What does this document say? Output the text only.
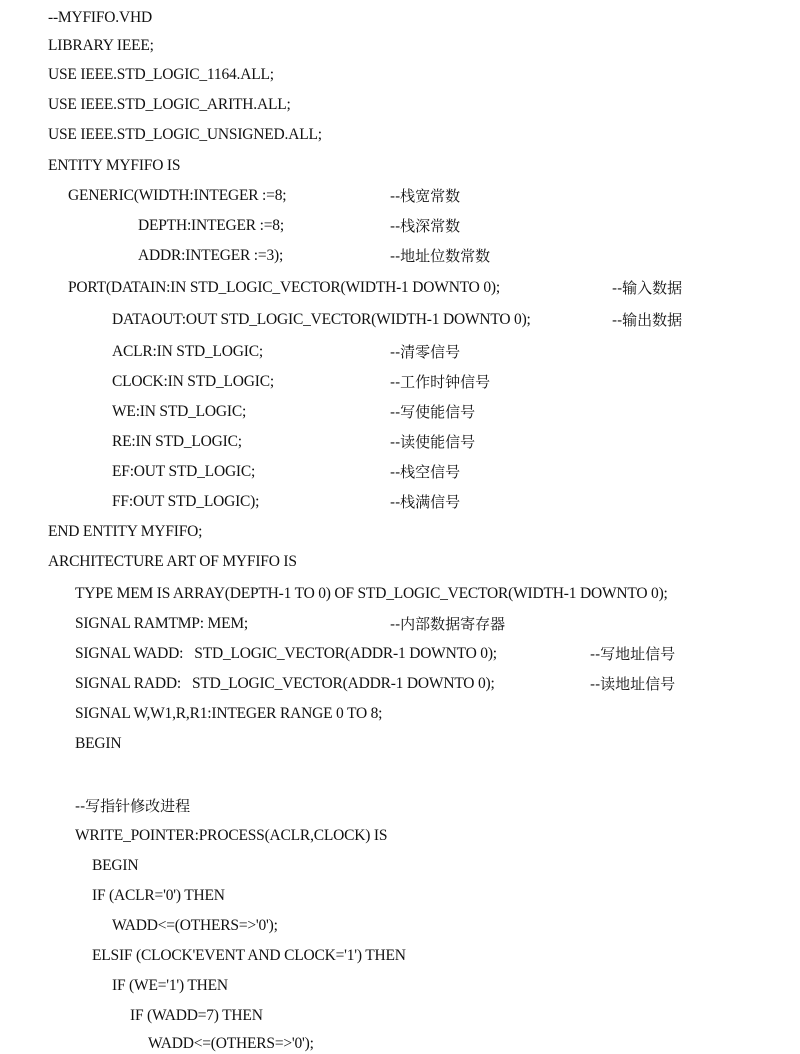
--MYFIFO.VHD
LIBRARY IEEE;
USE IEEE.STD_LOGIC_1164.ALL;
USE IEEE.STD_LOGIC_ARITH.ALL;
USE IEEE.STD_LOGIC_UNSIGNED.ALL;
ENTITY MYFIFO IS
GENERIC(WIDTH:INTEGER :=8;	--栈宽常数
DEPTH:INTEGER :=8;	--栈深常数
ADDR:INTEGER :=3);	--地址位数常数
PORT(DATAIN:IN STD_LOGIC_VECTOR(WIDTH-1 DOWNTO 0);	--输入数据
DATAOUT:OUT STD_LOGIC_VECTOR(WIDTH-1 DOWNTO 0);	--输出数据
ACLR:IN STD_LOGIC;	--清零信号
CLOCK:IN STD_LOGIC;	--工作时钟信号
WE:IN STD_LOGIC;	--写使能信号
RE:IN STD_LOGIC;	--读使能信号
EF:OUT STD_LOGIC;	--栈空信号
FF:OUT STD_LOGIC);	--栈满信号
END ENTITY MYFIFO;
ARCHITECTURE ART OF MYFIFO IS
TYPE MEM IS ARRAY(DEPTH-1 TO 0) OF STD_LOGIC_VECTOR(WIDTH-1 DOWNTO 0);
SIGNAL RAMTMP: MEM;	--内部数据寄存器
SIGNAL WADD:   STD_LOGIC_VECTOR(ADDR-1 DOWNTO 0);	--写地址信号
SIGNAL RADD:   STD_LOGIC_VECTOR(ADDR-1 DOWNTO 0);	--读地址信号
SIGNAL W,W1,R,R1:INTEGER RANGE 0 TO 8;
BEGIN
--写指针修改进程
WRITE_POINTER:PROCESS(ACLR,CLOCK) IS
BEGIN
IF (ACLR='0') THEN
WADD<=(OTHERS=>'0');
ELSIF (CLOCK'EVENT AND CLOCK='1') THEN
IF (WE='1') THEN
IF (WADD=7) THEN
WADD<=(OTHERS=>'0');
